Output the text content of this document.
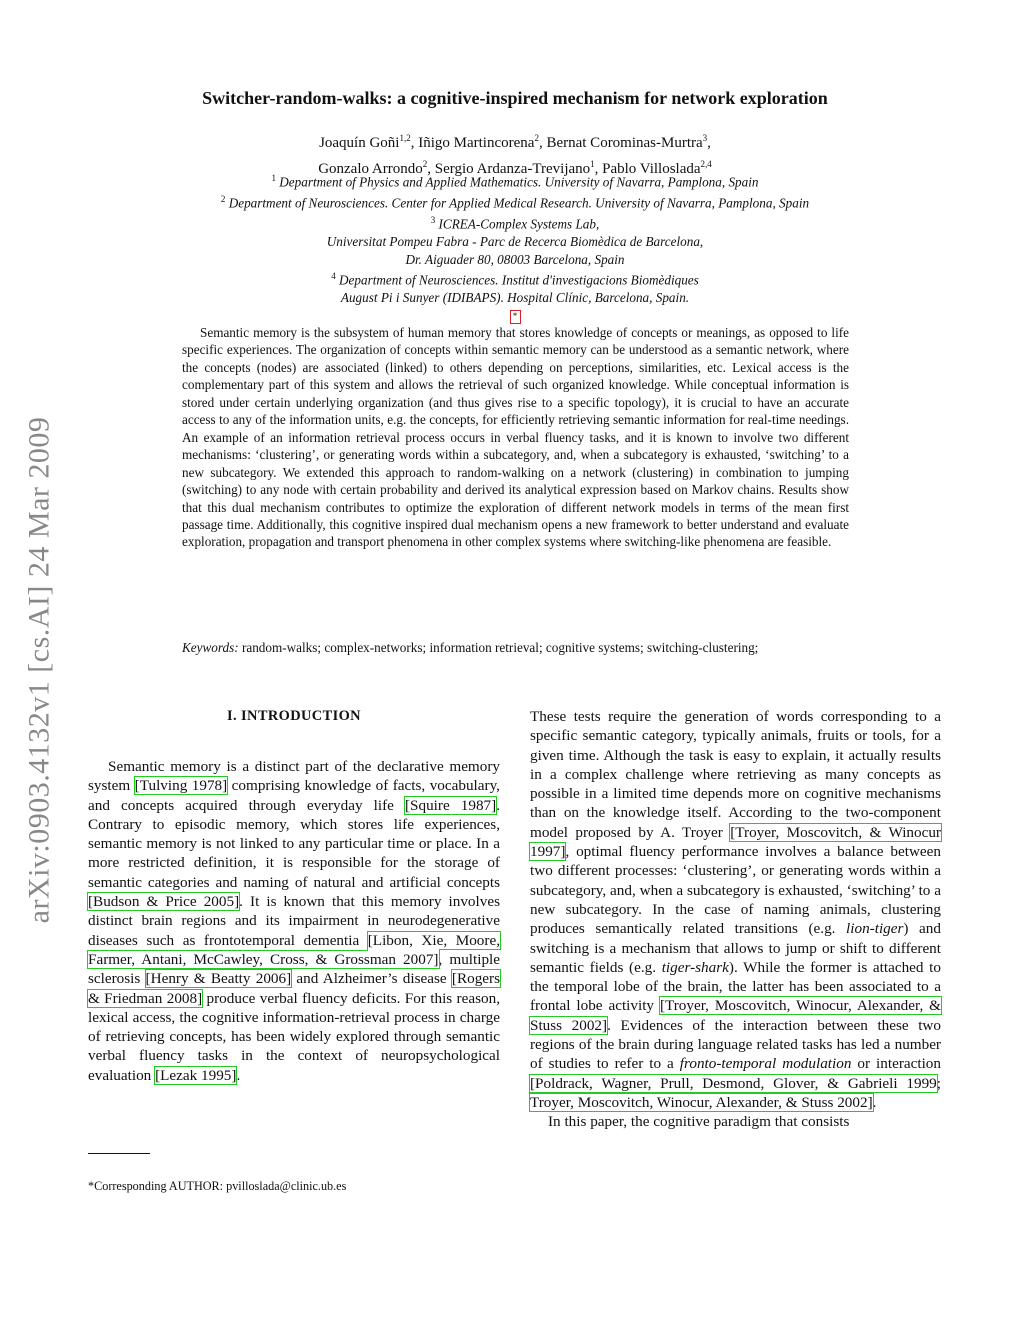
arXiv:0903.4132v1 [cs.AI] 24 Mar 2009
Switcher-random-walks: a cognitive-inspired mechanism for network exploration
Joaquín Goñi$^{1,2}$, Iñigo Martincorena$^2$, Bernat Corominas-Murtra$^3$,
Gonzalo Arrondo$^2$, Sergio Ardanza-Trevijano$^1$, Pablo Villoslada$^{2,4}$
$^1$ Department of Physics and Applied Mathematics. University of Navarra, Pamplona, Spain
$^2$ Department of Neurosciences. Center for Applied Medical Research. University of Navarra, Pamplona, Spain
$^3$ ICREA-Complex Systems Lab,
Universitat Pompeu Fabra - Parc de Recerca Biomèdica de Barcelona,
Dr. Aiguader 80, 08003 Barcelona, Spain
$^4$ Department of Neurosciences. Institut d'investigacions Biomèdiques
August Pi i Sunyer (IDIBAPS). Hospital Clínic, Barcelona, Spain.
*
Semantic memory is the subsystem of human memory that stores knowledge of concepts or meanings, as opposed to life specific experiences. The organization of concepts within semantic memory can be understood as a semantic network, where the concepts (nodes) are associated (linked) to others depending on perceptions, similarities, etc. Lexical access is the complementary part of this system and allows the retrieval of such organized knowledge. While conceptual information is stored under certain underlying organization (and thus gives rise to a specific topology), it is crucial to have an accurate access to any of the information units, e.g. the concepts, for efficiently retrieving semantic information for real-time needings. An example of an information retrieval process occurs in verbal fluency tasks, and it is known to involve two different mechanisms: ‘clustering’, or generating words within a subcategory, and, when a subcategory is exhausted, ‘switching’ to a new subcategory. We extended this approach to random-walking on a network (clustering) in combination to jumping (switching) to any node with certain probability and derived its analytical expression based on Markov chains. Results show that this dual mechanism contributes to optimize the exploration of different network models in terms of the mean first passage time. Additionally, this cognitive inspired dual mechanism opens a new framework to better understand and evaluate exploration, propagation and transport phenomena in other complex systems where switching-like phenomena are feasible.
Keywords: random-walks; complex-networks; information retrieval; cognitive systems; switching-clustering;
I. INTRODUCTION
Semantic memory is a distinct part of the declarative memory system [Tulving 1978] comprising knowledge of facts, vocabulary, and concepts acquired through everyday life [Squire 1987]. Contrary to episodic memory, which stores life experiences, semantic memory is not linked to any particular time or place. In a more restricted definition, it is responsible for the storage of semantic categories and naming of natural and artificial concepts [Budson & Price 2005]. It is known that this memory involves distinct brain regions and its impairment in neurodegenerative diseases such as frontotemporal dementia [Libon, Xie, Moore, Farmer, Antani, McCawley, Cross, & Grossman 2007], multiple sclerosis [Henry & Beatty 2006] and Alzheimer’s disease [Rogers & Friedman 2008] produce verbal fluency deficits. For this reason, lexical access, the cognitive information-retrieval process in charge of retrieving concepts, has been widely explored through semantic verbal fluency tasks in the context of neuropsychological evaluation [Lezak 1995].

These tests require the generation of words corresponding to a specific semantic category, typically animals, fruits or tools, for a given time. Although the task is easy to explain, it actually results in a complex challenge where retrieving as many concepts as possible in a limited time depends more on cognitive mechanisms than on the knowledge itself. According to the two-component model proposed by A. Troyer [Troyer, Moscovitch, & Winocur 1997], optimal fluency performance involves a balance between two different processes: ‘clustering’, or generating words within a subcategory, and, when a subcategory is exhausted, ‘switching’ to a new subcategory. In the case of naming animals, clustering produces semantically related transitions (e.g. lion-tiger) and switching is a mechanism that allows to jump or shift to different semantic fields (e.g. tiger-shark). While the former is attached to the temporal lobe of the brain, the latter has been associated to a frontal lobe activity [Troyer, Moscovitch, Winocur, Alexander, & Stuss 2002]. Evidences of the interaction between these two regions of the brain during language related tasks has led a number of studies to refer to a fronto-temporal modulation or interaction [Poldrack, Wagner, Prull, Desmond, Glover, & Gabrieli 1999; Troyer, Moscovitch, Winocur, Alexander, & Stuss 2002].

In this paper, the cognitive paradigm that consists

*Corresponding AUTHOR: pvilloslada@clinic.ub.es
